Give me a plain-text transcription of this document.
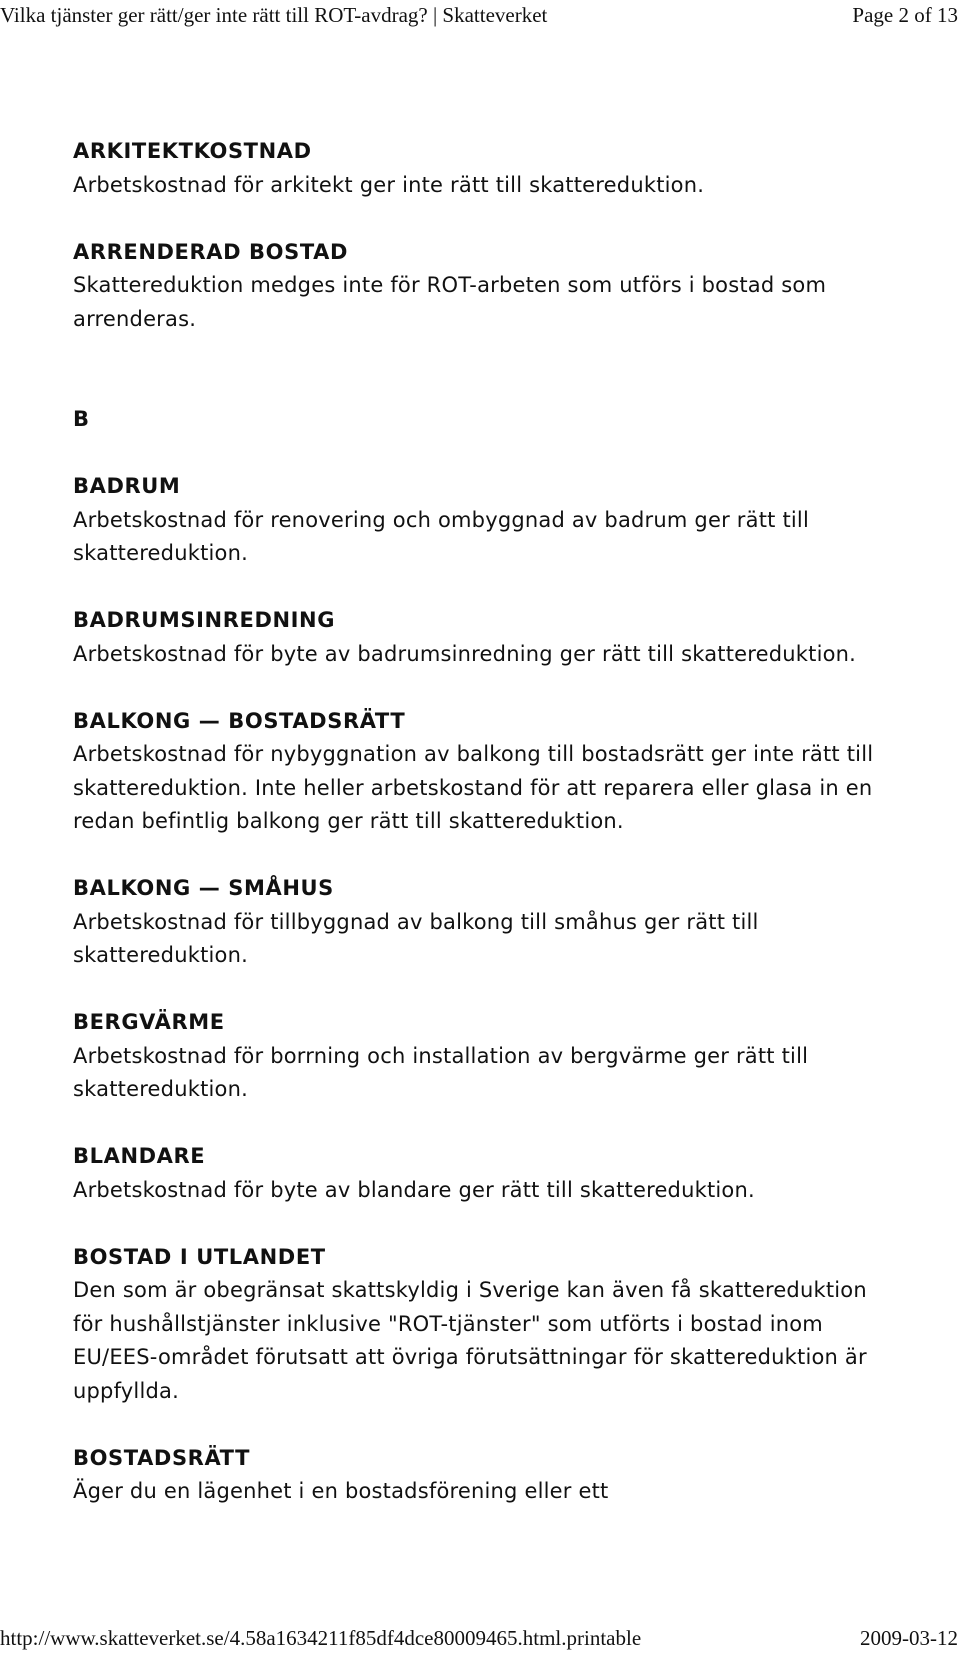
Vilka tjänster ger rätt/ger inte rätt till ROT-avdrag? | Skatteverket	Page 2 of 13
ARKITEKTKOSTNAD
Arbetskostnad för arkitekt ger inte rätt till skattereduktion.
ARRENDERAD BOSTAD
Skattereduktion medges inte för ROT-arbeten som utförs i bostad som arrenderas.
B
BADRUM
Arbetskostnad för renovering och ombyggnad av badrum ger rätt till skattereduktion.
BADRUMSINREDNING
Arbetskostnad för byte av badrumsinredning ger rätt till skattereduktion.
BALKONG — BOSTADSRÄTT
Arbetskostnad för nybyggnation av balkong till bostadsrätt ger inte rätt till skattereduktion. Inte heller arbetskostand för att reparera eller glasa in en redan befintlig balkong ger rätt till skattereduktion.
BALKONG — SMÅHUS
Arbetskostnad för tillbyggnad av balkong till småhus ger rätt till skattereduktion.
BERGVÄRME
Arbetskostnad för borrning och installation av bergvärme ger rätt till skattereduktion.
BLANDARE
Arbetskostnad för byte av blandare ger rätt till skattereduktion.
BOSTAD I UTLANDET
Den som är obegränsat skattskyldig i Sverige kan även få skattereduktion för hushållstjänster inklusive "ROT-tjänster" som utförts i bostad inom EU/EES-området förutsatt att övriga förutsättningar för skattereduktion är uppfyllda.
BOSTADSRÄTT
Äger du en lägenhet i en bostadsförening eller ett
http://www.skatteverket.se/4.58a1634211f85df4dce80009465.html.printable	2009-03-12
